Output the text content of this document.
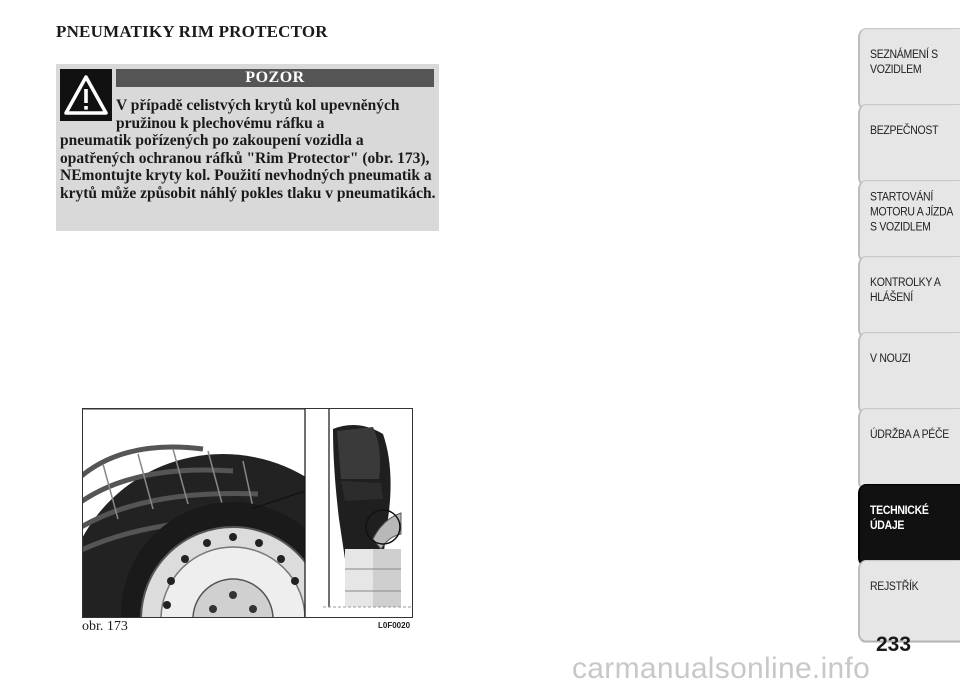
PNEUMATIKY RIM PROTECTOR
POZOR
V případě celistvých krytů kol upevněných
pružinou k plechovému ráfku a
pneumatik pořízených po zakoupení vozidla a opatřených ochranou ráfků "Rim Protector" (obr. 173), NEmontujte kryty kol. Použití nevhodných pneumatik a krytů může způsobit náhlý pokles tlaku v pneumatikách.
obr. 173	L0F0020
SEZNÁMENÍ S
VOZIDLEM
BEZPEČNOST
STARTOVÁNÍ
MOTORU A JÍZDA
S VOZIDLEM
KONTROLKY A
HLÁŠENÍ
V NOUZI
ÚDRŽBA A PÉČE
TECHNICKÉ
ÚDAJE
REJSTŘÍK
233
carmanualsonline.info
